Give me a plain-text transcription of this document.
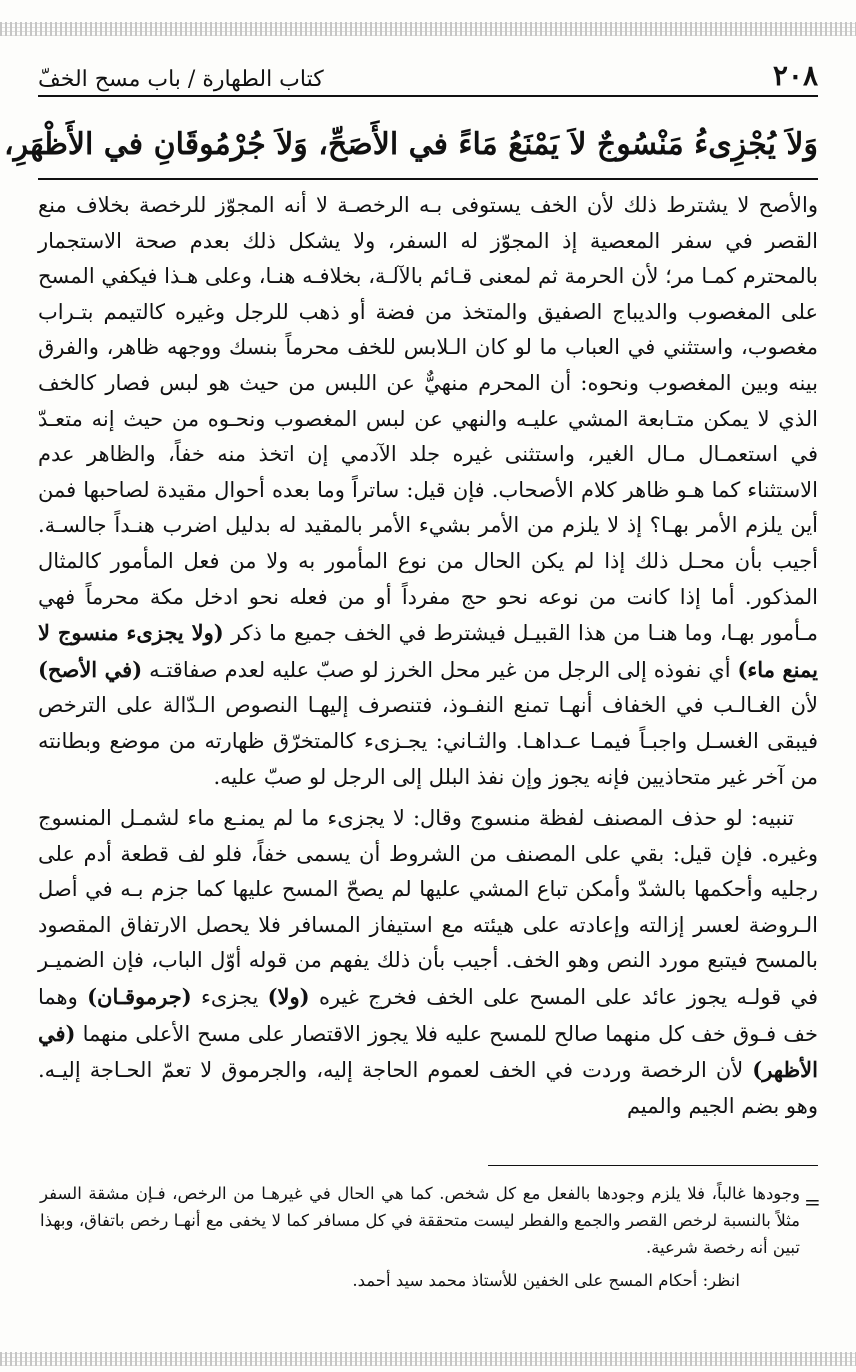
٢٠٨
كتاب الطهارة / باب مسح الخفّ
وَلاَ يُجْزِىءُ مَنْسُوجٌ لاَ يَمْنَعُ مَاءً في الأَصَحِّ، وَلاَ جُرْمُوقَانِ في الأَظْهَرِ،

والأصح لا يشترط ذلك لأن الخف يستوفى بـه الرخصـة لا أنه المجوّز للرخصة بخلاف منع القصر في سفر المعصية إذ المجوّز له السفر، ولا يشكل ذلك بعدم صحة الاستجمار بالمحترم كمـا مر؛ لأن الحرمة ثم لمعنى قـائم بالآلـة، بخلافـه هنـا، وعلى هـذا فيكفي المسح على المغصوب والديباج الصفيق والمتخذ من فضة أو ذهب للرجل وغيره كالتيمم بتـراب مغصوب، واستثني في العباب ما لو كان الـلابس للخف محرماً بنسك ووجهه ظاهر، والفرق بينه وبين المغصوب ونحوه: أن المحرم منهيٌّ عن اللبس من حيث هو لبس فصار كالخف الذي لا يمكن متـابعة المشي عليـه والنهي عن لبس المغصوب ونحـوه من حيث إنه متعـدّ في استعمـال مـال الغير، واستثنى غيره جلد الآدمي إن اتخذ منه خفاً، والظاهر عدم الاستثناء كما هـو ظاهر كلام الأصحاب. فإن قيل: ساتراً وما بعده أحوال مقيدة لصاحبها فمن أين يلزم الأمر بهـا؟ إذ لا يلزم من الأمر بشيء الأمر بالمقيد له بدليل اضرب هنـداً جالسـة. أجيب بأن محـل ذلك إذا لم يكن الحال من نوع المأمور به ولا من فعل المأمور كالمثال المذكور. أما إذا كانت من نوعه نحو حج مفرداً أو من فعله نحو ادخل مكة محرماً فهي مـأمور بهـا، وما هنـا من هذا القبيـل فيشترط في الخف جميع ما ذكر (ولا يجزىء منسوج لا يمنع ماء) أي نفوذه إلى الرجل من غير محل الخرز لو صبّ عليه لعدم صفاقتـه (في الأصح) لأن الغـالـب في الخفاف أنهـا تمنع النفـوذ، فتنصرف إليهـا النصوص الـدّالة على الترخص فيبقى الغسـل واجبـاً فيمـا عـداهـا. والثـاني: يجـزىء كالمتخرّق ظهارته من موضع وبطانته من آخر غير متحاذيين فإنه يجوز وإن نفذ البلل إلى الرجل لو صبّ عليه.

تنبيه: لو حذف المصنف لفظة منسوج وقال: لا يجزىء ما لم يمنـع ماء لشمـل المنسوج وغيره. فإن قيل: بقي على المصنف من الشروط أن يسمى خفاً، فلو لف قطعة أدم على رجليه وأحكمها بالشدّ وأمكن تباع المشي عليها لم يصحّ المسح عليها كما جزم بـه في أصل الـروضة لعسر إزالته وإعادته على هيئته مع استيفاز المسافر فلا يحصل الارتفاق المقصود بالمسح فيتبع مورد النص وهو الخف. أجيب بأن ذلك يفهم من قوله أوّل الباب، فإن الضميـر في قولـه يجوز عائد على المسح على الخف فخرج غيره (ولا) يجزىء (جرموقـان) وهما خف فـوق خف كل منهما صالح للمسح عليه فلا يجوز الاقتصار على مسح الأعلى منهما (في الأظهر) لأن الرخصة وردت في الخف لعموم الحاجة إليه، والجرموق لا تعمّ الحـاجة إليـه. وهو بضم الجيم والميم

=

وجودها غالباً، فلا يلزم وجودها بالفعل مع كل شخص. كما هي الحال في غيرهـا من الرخص، فـإن مشقة السفر مثلاً بالنسبة لرخص القصر والجمع والفطر ليست متحققة في كل مسافر كما لا يخفى مع أنهـا رخص باتفاق، وبهذا تبين أنه رخصة شرعية.

انظر: أحكام المسح على الخفين للأستاذ محمد سيد أحمد.
